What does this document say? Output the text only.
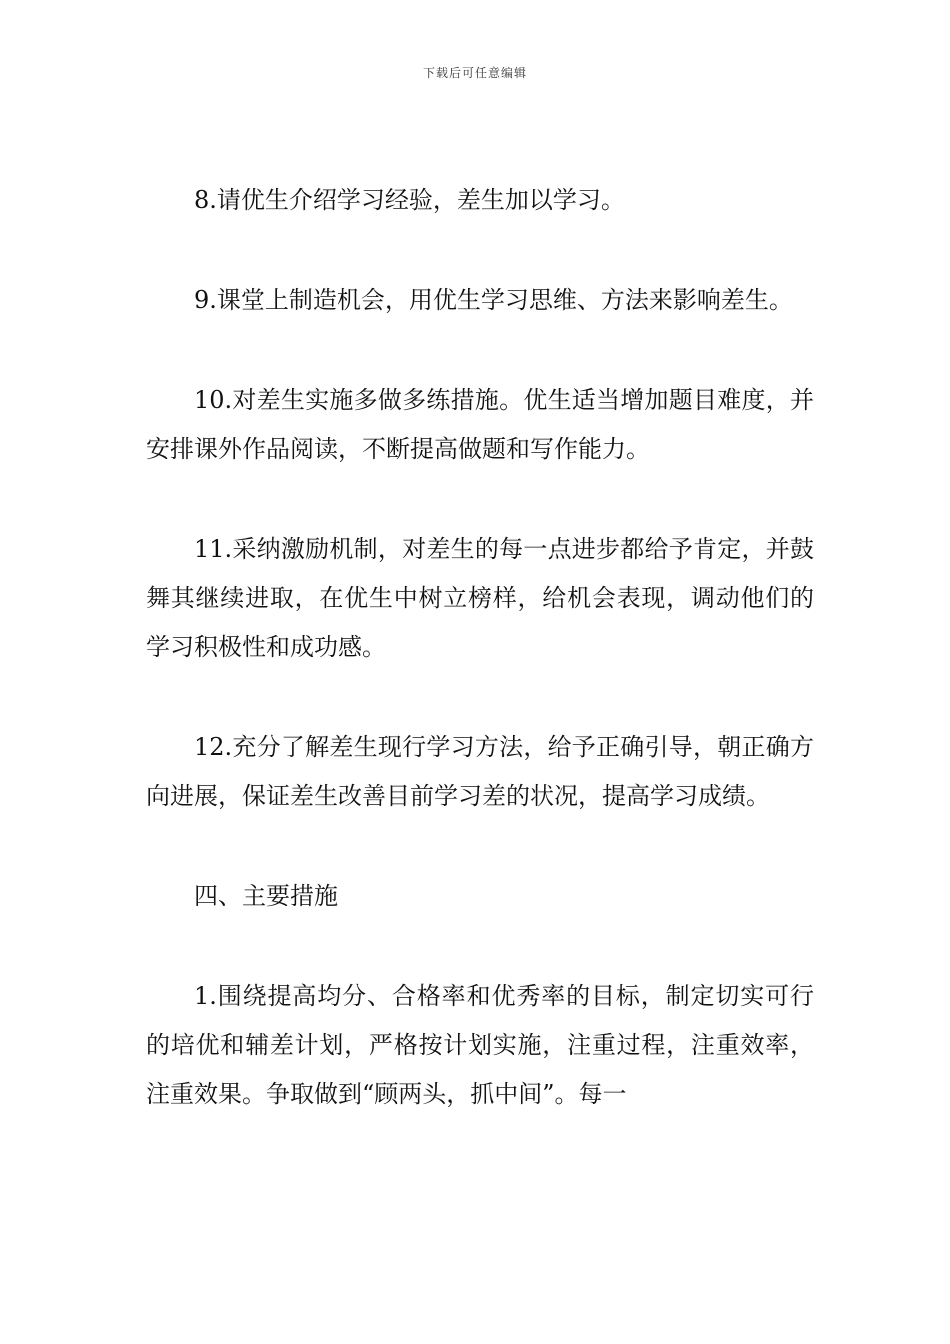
下载后可任意编辑

8.请优生介绍学习经验，差生加以学习。

9.课堂上制造机会，用优生学习思维、方法来影响差生。

10.对差生实施多做多练措施。优生适当增加题目难度，并安排课外作品阅读，不断提高做题和写作能力。

11.采纳激励机制，对差生的每一点进步都给予肯定，并鼓舞其继续进取，在优生中树立榜样，给机会表现，调动他们的学习积极性和成功感。

12.充分了解差生现行学习方法，给予正确引导，朝正确方向进展，保证差生改善目前学习差的状况，提高学习成绩。

四、主要措施

1.围绕提高均分、合格率和优秀率的目标，制定切实可行的培优和辅差计划，严格按计划实施，注重过程，注重效率，注重效果。争取做到“顾两头，抓中间”。每一
